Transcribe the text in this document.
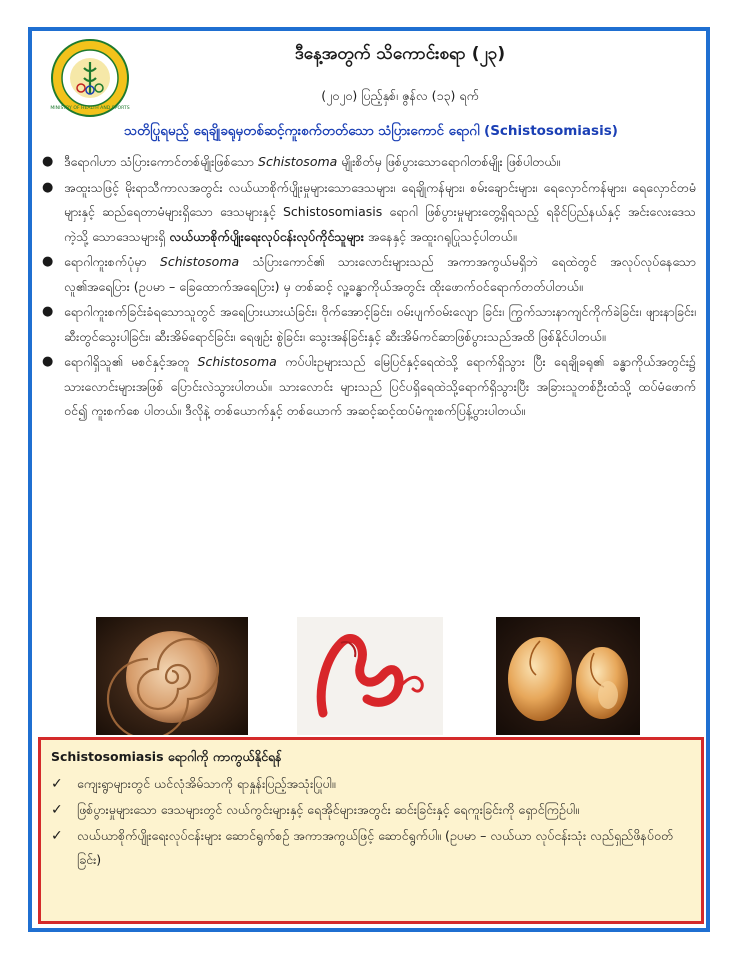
MINISTRY OF HEALTH AND SPORTS
ဒီနေ့အတွက် သိကောင်းစရာ (၂၃)
(၂၀၂၀) ပြည့်နှစ်၊ ဇွန်လ (၁၃) ရက်
သတိပြုရမည့် ရေချိုခရုမှတစ်ဆင့်ကူးစက်တတ်သော သံပြားကောင် ရောဂါ (Schistosomiasis)
● ဒီရောဂါဟာ သံပြားကောင်တစ်မျိုးဖြစ်သော Schistosoma မျိုးစိတ်မှ ဖြစ်ပွားသောရောဂါတစ်မျိုး ဖြစ်ပါတယ်။
● အထူးသဖြင့် မိုးရာသီကာလအတွင်း လယ်ယာစိုက်ပျိုးမှုများသောဒေသများ၊ ရေချိုကန်များ၊ စမ်းချောင်းများ၊ ရေလှောင်ကန်များ၊ ရေလှောင်တမံများနှင့် ဆည်ရေတာမံများရှိသော ဒေသများနှင့် Schistosomiasis ရောဂါ ဖြစ်ပွားမှုများတွေ့ရှိရသည့် ရခိုင်ပြည်နယ်နှင့် အင်းလေးဒေသကဲ့သို့ သောဒေသများရှိ လယ်ယာစိုက်ပျိုးရေးလုပ်ငန်းလုပ်ကိုင်သူများ အနေနှင့် အထူးဂရုပြုသင့်ပါတယ်။
● ရောဂါကူးစက်ပုံမှာ Schistosoma သံပြားကောင်၏ သားလောင်းများသည် အကာအကွယ်မရှိဘဲ ရေထဲတွင် အလုပ်လုပ်နေသော လူ၏အရေပြား (ဥပမာ – ခြေထောက်အရေပြား) မှ တစ်ဆင့် လူ့ခန္ဓာကိုယ်အတွင်း ထိုးဖောက်ဝင်ရောက်တတ်ပါတယ်။
● ရောဂါကူးစက်ခြင်းခံရသောသူတွင် အရေပြားယားယံခြင်း၊ ဗိုက်အောင့်ခြင်း၊ ဝမ်းပျက်ဝမ်းလျော ခြင်း၊ ကြွက်သားနာကျင်ကိုက်ခဲခြင်း၊ ဖျားနာခြင်း၊ ဆီးတွင်သွေးပါခြင်း၊ ဆီးအိမ်ရောင်ခြင်း၊ ရေဖျဉ်း စွဲခြင်း၊ သွေးအန်ခြင်းနှင့် ဆီးအိမ်ကင်ဆာဖြစ်ပွားသည်အထိ ဖြစ်နိုင်ပါတယ်။
● ရောဂါရှိသူ၏ မစင်နှင့်အတူ Schistosoma ကပ်ပါးဥများသည် မြေပြင်နှင့်ရေထဲသို့ ရောက်ရှိသွား ပြီး ရေချိုခရု၏ ခန္ဓာကိုယ်အတွင်း၌ သားလောင်းများအဖြစ် ပြောင်းလဲသွားပါတယ်။ သားလောင်း များသည် ပြင်ပရှိရေထဲသို့ရောက်ရှိသွားပြီး အခြားသူတစ်ဦးထံသို့ ထပ်မံဖောက်ဝင်၍ ကူးစက်စေ ပါတယ်။ ဒီလိုနဲ့ တစ်ယောက်နှင့် တစ်ယောက် အဆင့်ဆင့်ထပ်မံကူးစက်ပြန့်ပွားပါတယ်။
Schistosomiasis ရောဂါကို ကာကွယ်နိုင်ရန်
✓ ကျေးရွာများတွင် ယင်လုံအိမ်သာကို ရာနှုန်းပြည့်အသုံးပြုပါ။
✓ ဖြစ်ပွားမှုများသော ဒေသများတွင် လယ်ကွင်းများနှင့် ရေအိုင်များအတွင်း ဆင်းခြင်းနှင့် ရေကူးခြင်းကို ရှောင်ကြဉ်ပါ။
✓ လယ်ယာစိုက်ပျိုးရေးလုပ်ငန်းများ ဆောင်ရွက်စဉ် အကာအကွယ်ဖြင့် ဆောင်ရွက်ပါ။ (ဥပမာ – လယ်ယာ လုပ်ငန်းသုံး လည်ရှည်ဖိနပ်ဝတ်ခြင်း)
